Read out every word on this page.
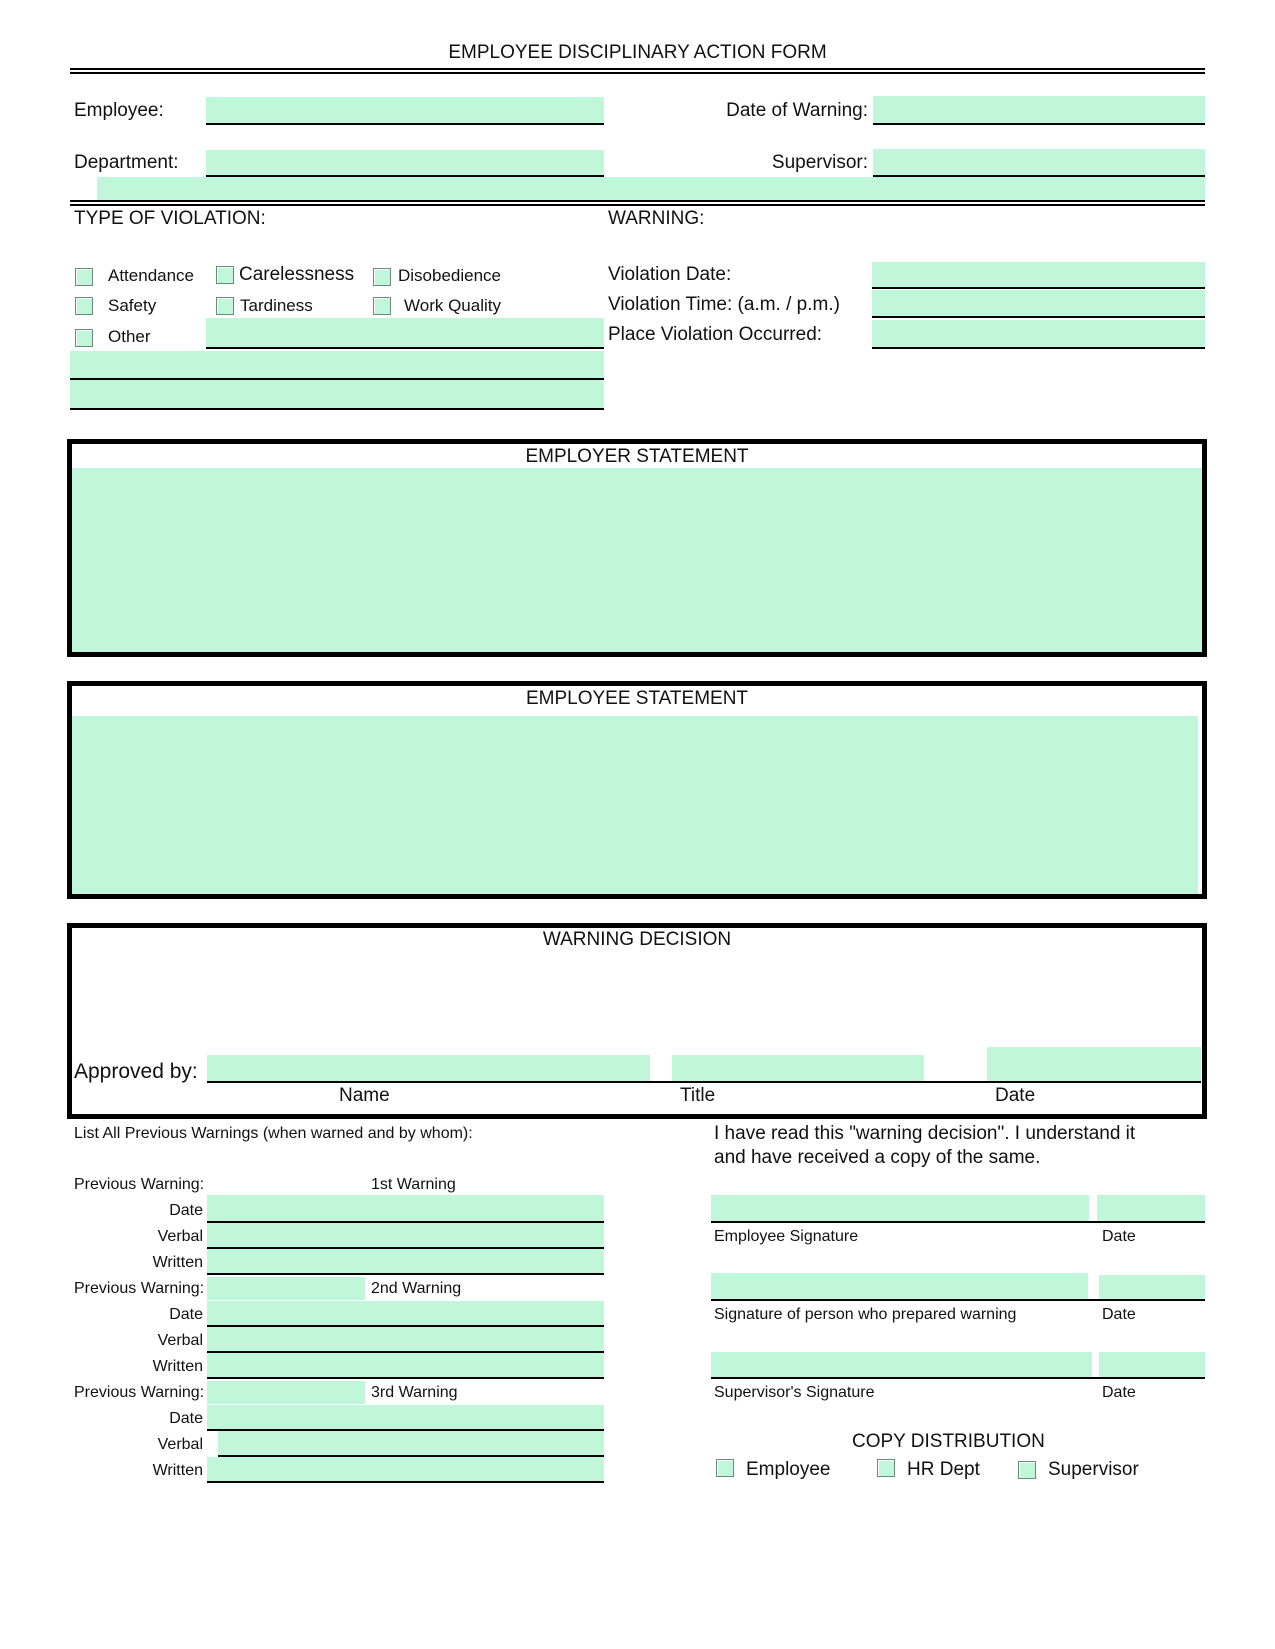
EMPLOYEE DISCIPLINARY ACTION FORM
Employee:	Date of Warning:
Department:	Supervisor:
TYPE OF VIOLATION:
Attendance Carelessness	Disobedience
Safety	Tardiness	Work Quality
Other
WARNING:
Violation Date:
Violation Time: (a.m. / p.m.)
Place Violation Occurred:
EMPLOYER STATEMENT
EMPLOYEE STATEMENT
WARNING DECISION
Approved by:
Name	Title	Date
List All Previous Warnings (when warned and by whom):
Previous Warning:	1st Warning
Date
Verbal
Written
Previous Warning:	2nd Warning
Date
Verbal
Written
Previous Warning:	3rd Warning
Date
Verbal
Written
I have read this "warning decision". I understand it
and have received a copy of the same.
Employee Signature	Date
Signature of person who prepared warning	Date
Supervisor's Signature	Date
COPY DISTRIBUTION
Employee	HR Dept	Supervisor
